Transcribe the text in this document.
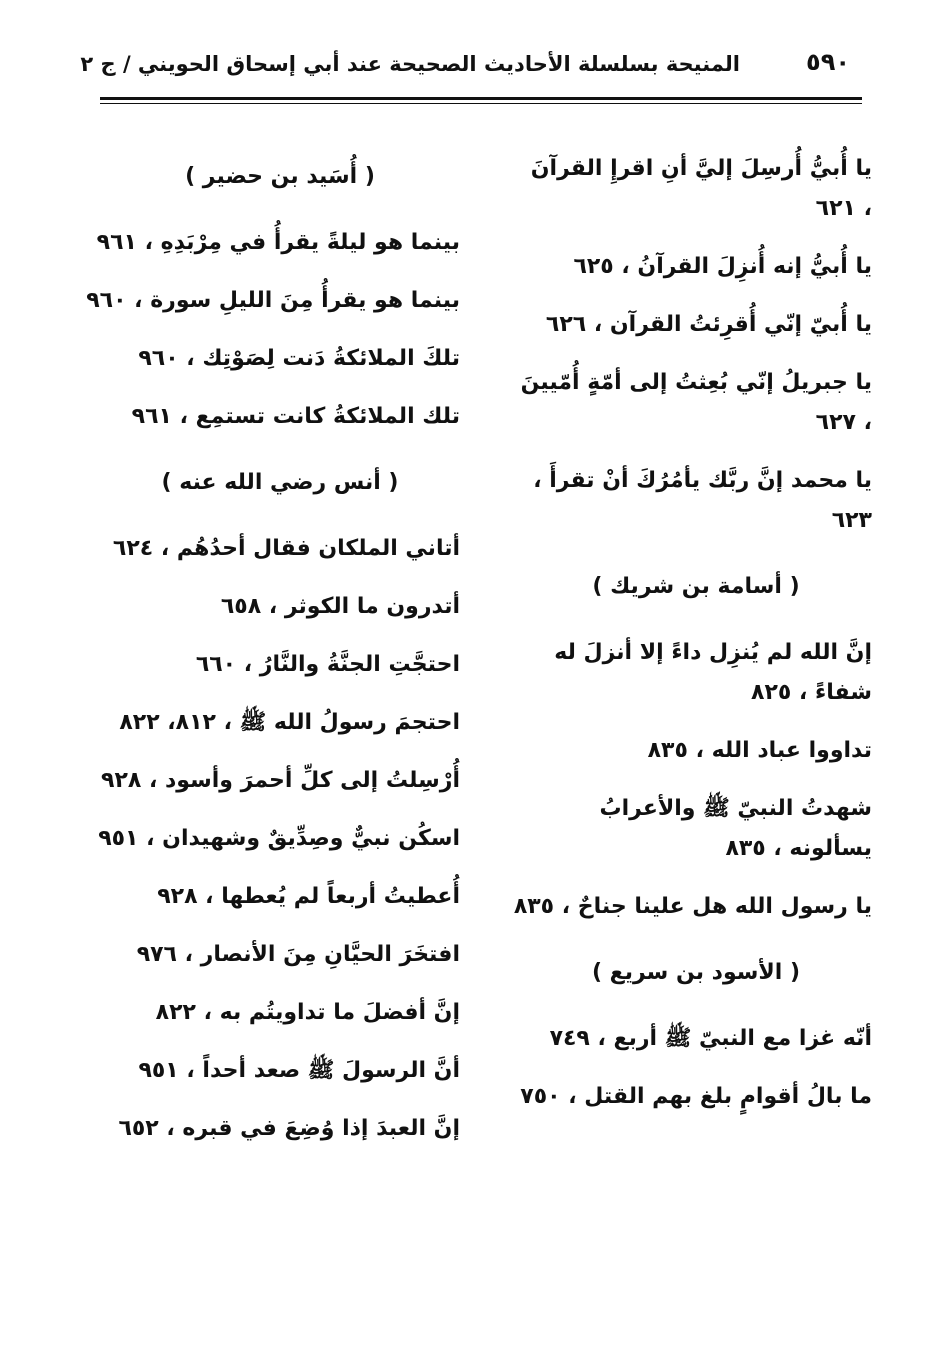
٥٩٠
المنيحة بسلسلة الأحاديث الصحيحة عند أبي إسحاق الحويني / ج ٢
يا أُبيُّ أُرسِلَ إليَّ أنِ اقرإِ القرآنَ ، ٦٢١
يا أُبيُّ إنه أُنزِلَ القرآنُ ، ٦٢٥
يا أُبيّ إنّي أُقرِئتُ القرآن ، ٦٢٦
يا جبريلُ إنّي بُعِثتُ إلى أمّةٍ أُمّيينَ ، ٦٢٧
يا محمد إنَّ ربَّك يأمُرُكَ أنْ تقرأَ ، ٦٢٣
( أسامة بن شريك )
إنَّ الله لم يُنزِل داءً إلا أنزلَ له شفاءً ، ٨٢٥
تداووا عباد الله ، ٨٣٥
شهدتُ النبيّ ﷺ والأعرابُ يسألونه ، ٨٣٥
يا رسول الله هل علينا جناحٌ ، ٨٣٥
( الأسود بن سريع )
أنّه غزا مع النبيّ ﷺ أربع ، ٧٤٩
ما بالُ أقوامٍ بلغ بهم القتل ، ٧٥٠
( أُسَيد بن حضير )
بينما هو ليلةً يقرأُ في مِرْبَدِهِ ، ٩٦١
بينما هو يقرأُ مِنَ الليلِ سورة ، ٩٦٠
تلكَ الملائكةُ دَنت لِصَوْتِك ، ٩٦٠
تلك الملائكةُ كانت تستمِع ، ٩٦١
( أنس رضي الله عنه )
أتاني الملكان فقال أحدُهُم ، ٦٢٤
أتدرون ما الكوثر ، ٦٥٨
احتجَّتِ الجنَّةُ والنَّارُ ، ٦٦٠
احتجمَ رسولُ الله ﷺ ، ٨١٢، ٨٢٢
أُرْسِلتُ إلى كلِّ أحمرَ وأسود ، ٩٢٨
اسكُن نبيٌّ وصِدِّيقٌ وشهيدان ، ٩٥١
أُعطيتُ أربعاً لم يُعطها ، ٩٢٨
افتخَرَ الحيَّانِ مِنَ الأنصار ، ٩٧٦
إنَّ أفضلَ ما تداويتُم به ، ٨٢٢
أنَّ الرسولَ ﷺ صعد أحداً ، ٩٥١
إنَّ العبدَ إذا وُضِعَ في قبره ، ٦٥٢
